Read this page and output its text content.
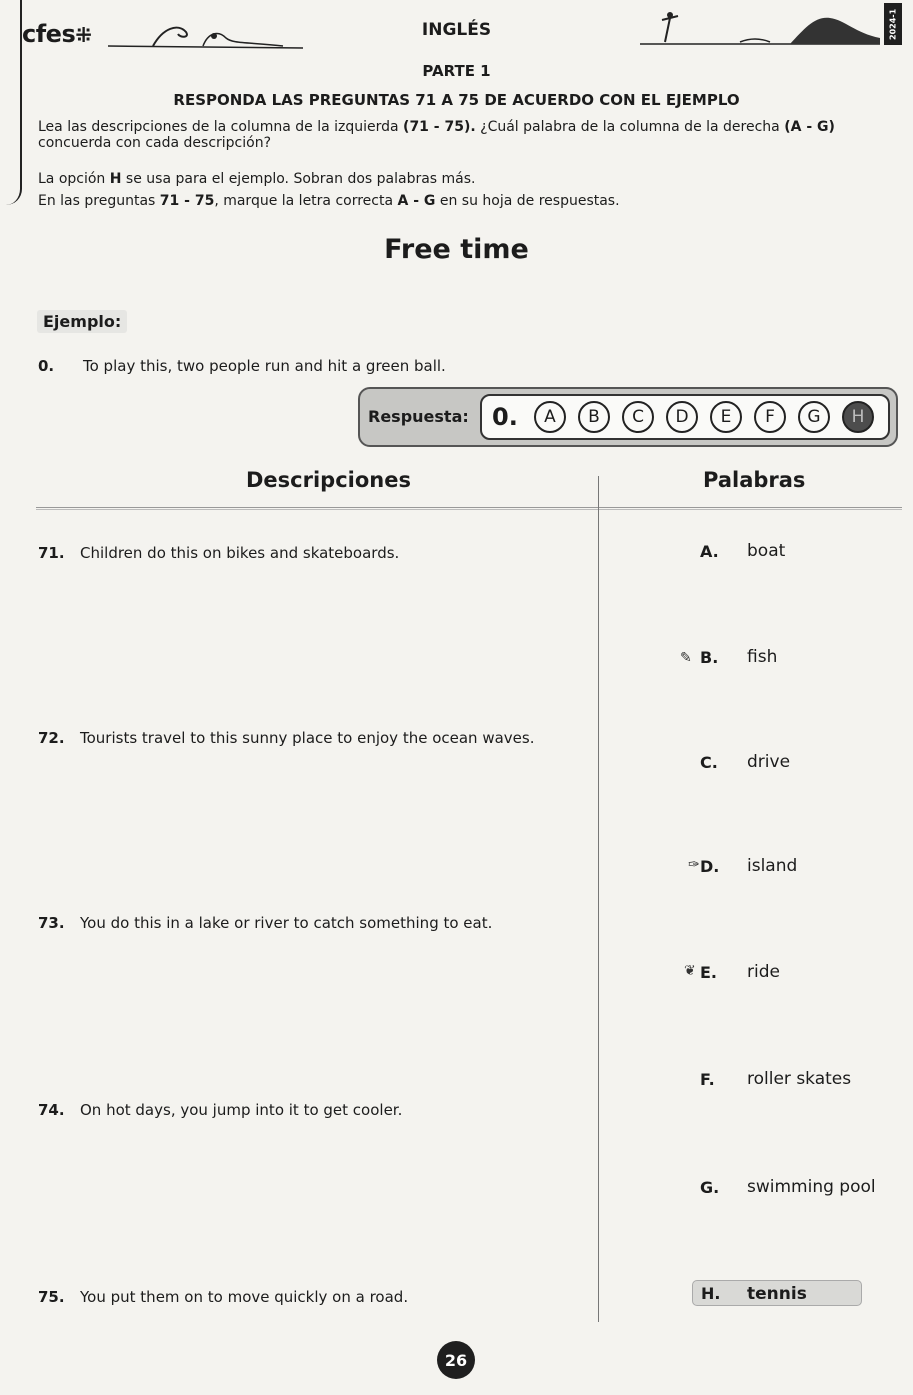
cfes⁜	INGLÉS	2024-1
PARTE 1
RESPONDA LAS PREGUNTAS 71 A 75 DE ACUERDO CON EL EJEMPLO
Lea las descripciones de la columna de la izquierda (71 - 75). ¿Cuál palabra de la columna de la derecha (A - G)
concuerda con cada descripción?
La opción H se usa para el ejemplo. Sobran dos palabras más.
En las preguntas 71 - 75, marque la letra correcta A - G en su hoja de respuestas.
Free time
Ejemplo:
0. To play this, two people run and hit a green ball.
Respuesta: 0.	A	B	C	D	E	F	G	H
Descripciones	Palabras
71. Children do this on bikes and skateboards.
72. Tourists travel to this sunny place to enjoy the ocean waves.
73. You do this in a lake or river to catch something to eat.
74. On hot days, you jump into it to get cooler.
75. You put them on to move quickly on a road.
A. boat
✎ B. fish
C. drive
✑ D. island
❦ E. ride
F. roller skates
G. swimming pool
H. tennis
26
